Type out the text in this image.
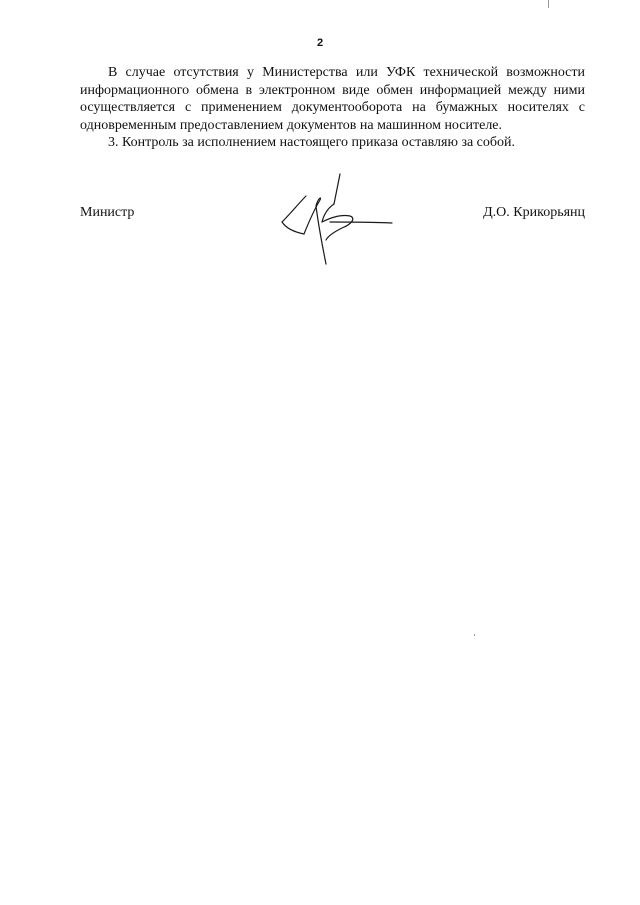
2

В случае отсутствия у Министерства или УФК технической возможности информационного обмена в электронном виде обмен информацией между ними осуществляется с применением документооборота на бумажных носителях с одновременным предоставлением документов на машинном носителе.

3. Контроль за исполнением настоящего приказа оставляю за собой.

Министр	Д.О. Крикорьянц
